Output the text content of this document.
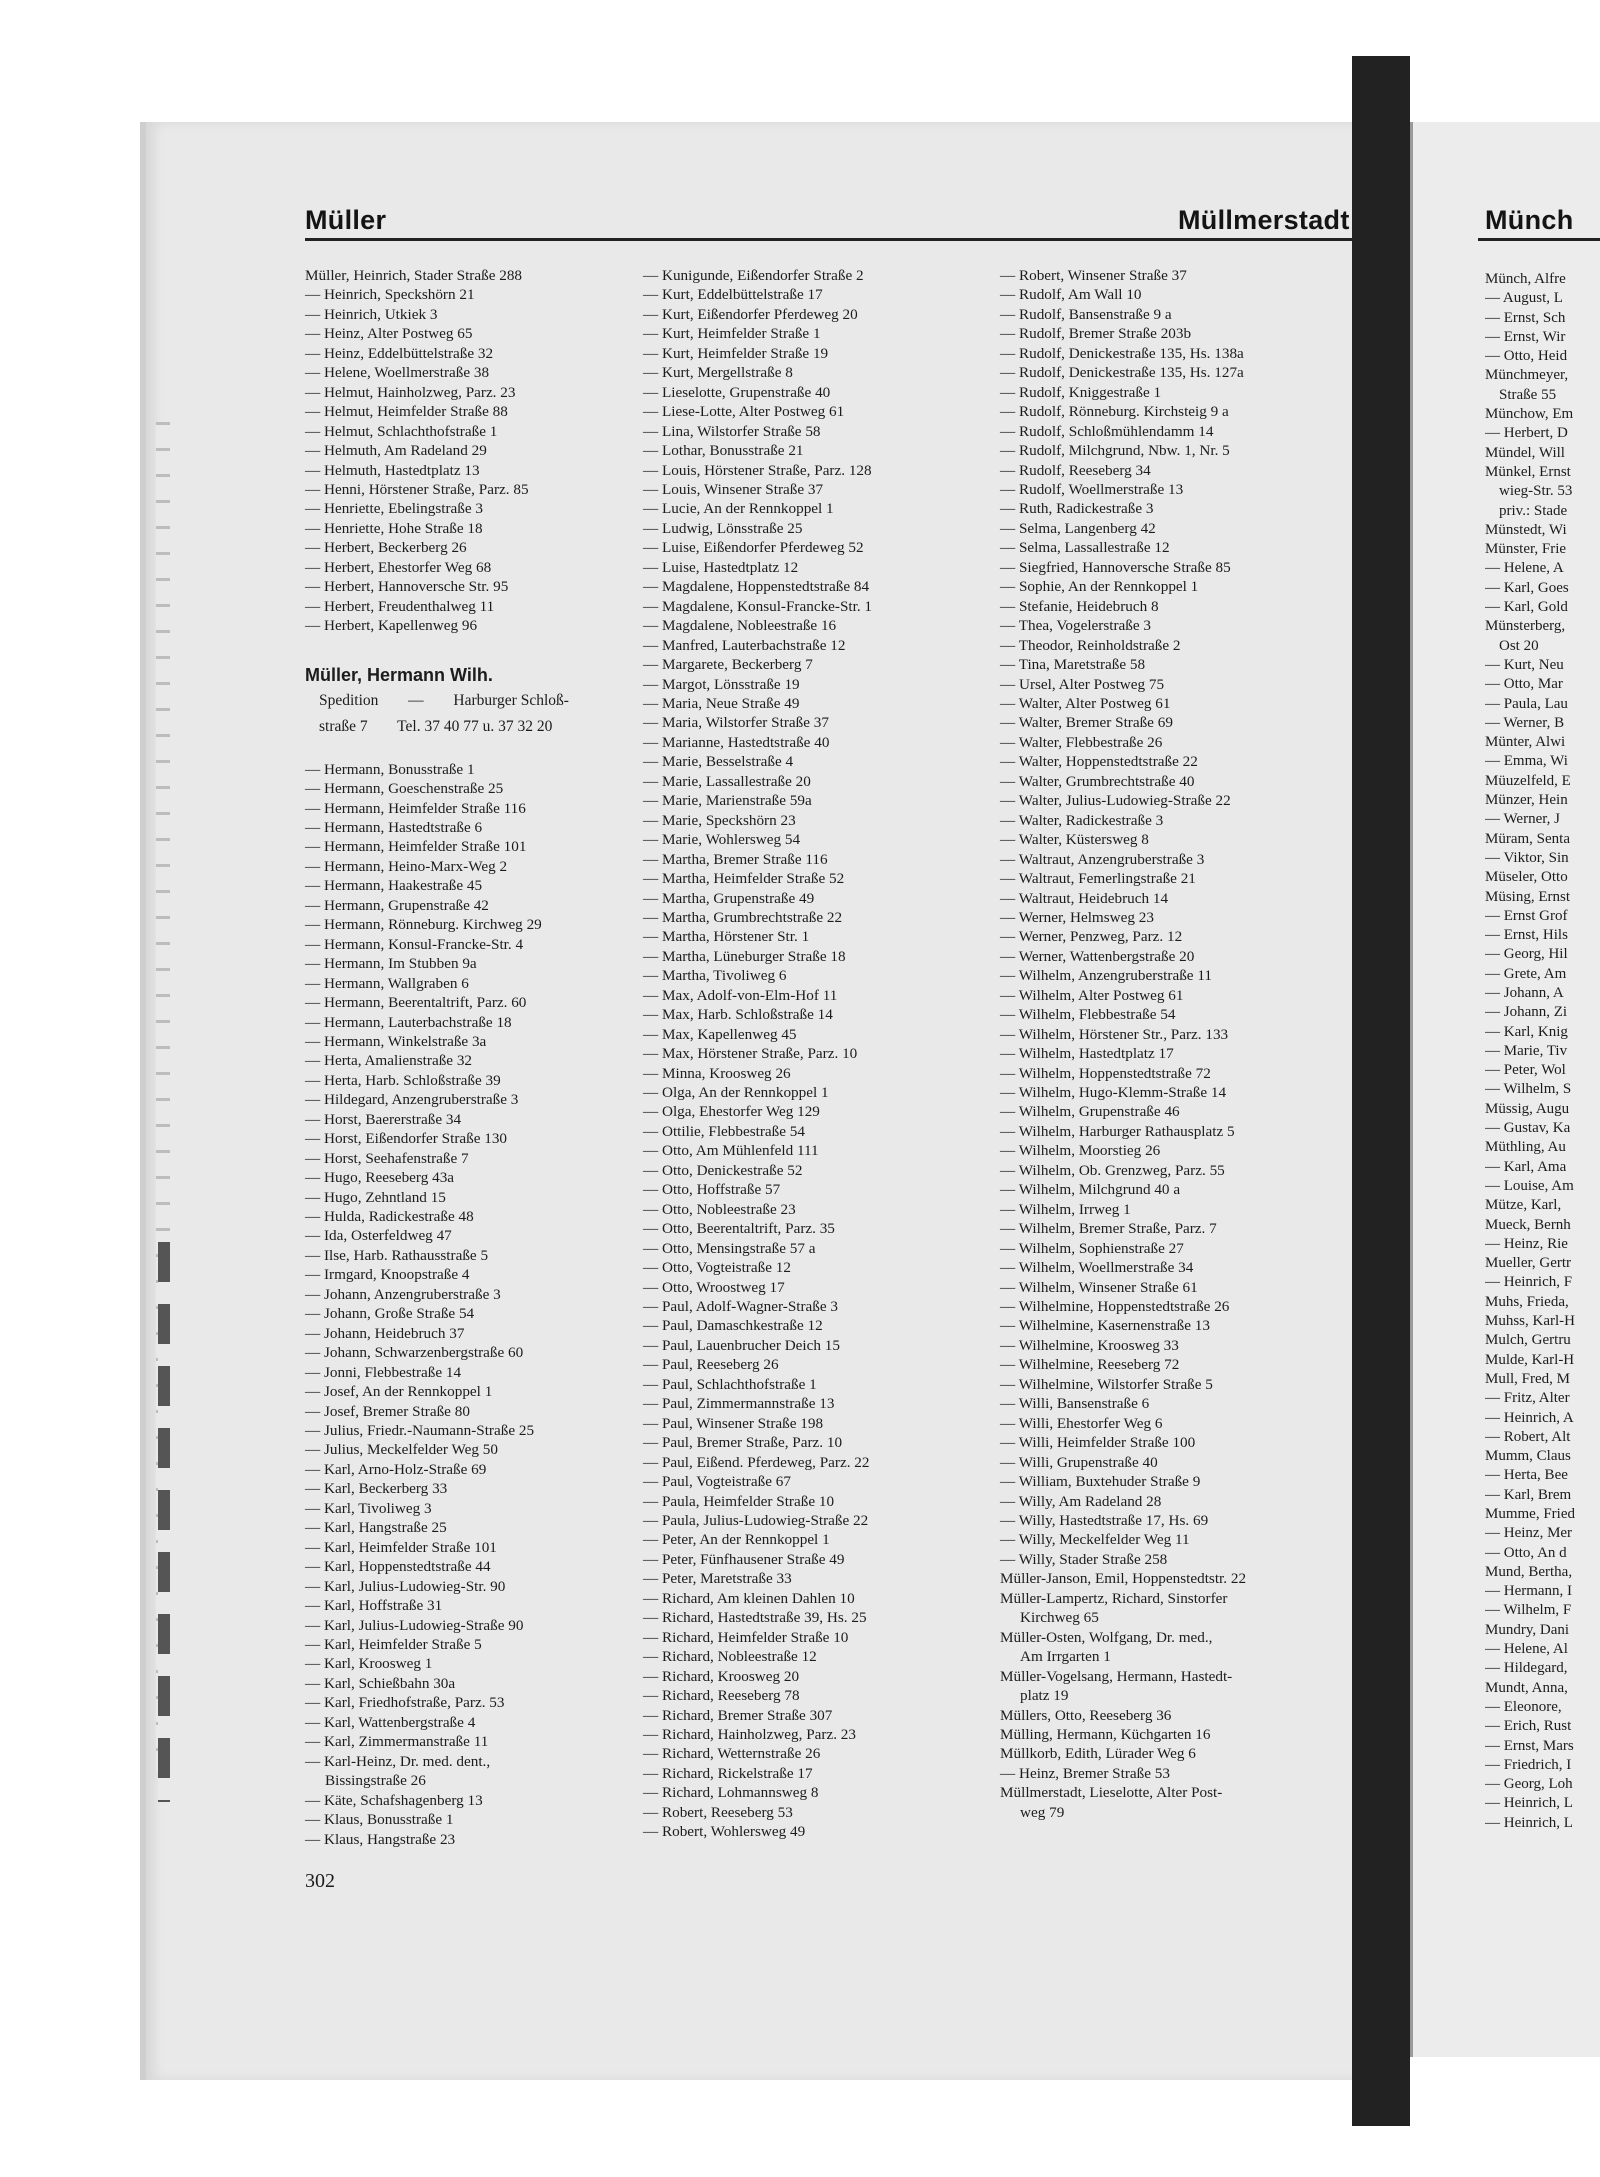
Müller	Müllmerstadt	Münch
Müller, Heinrich, Stader Straße 288
— Heinrich, Speckshörn 21
— Heinrich, Utkiek 3
— Heinz, Alter Postweg 65
— Heinz, Eddelbüttelstraße 32
— Helene, Woellmerstraße 38
— Helmut, Hainholzweg, Parz. 23
— Helmut, Heimfelder Straße 88
— Helmut, Schlachthofstraße 1
— Helmuth, Am Radeland 29
— Helmuth, Hastedtplatz 13
— Henni, Hörstener Straße, Parz. 85
— Henriette, Ebelingstraße 3
— Henriette, Hohe Straße 18
— Herbert, Beckerberg 26
— Herbert, Ehestorfer Weg 68
— Herbert, Hannoversche Str. 95
— Herbert, Freudenthalweg 11
— Herbert, Kapellenweg 96
Müller, Hermann Wilh.
Spedition — Harburger Schloß-
straße 7 Tel. 37 40 77 u. 37 32 20
— Hermann, Bonusstraße 1
— Hermann, Goeschenstraße 25
— Hermann, Heimfelder Straße 116
— Hermann, Hastedtstraße 6
— Hermann, Heimfelder Straße 101
— Hermann, Heino-Marx-Weg 2
— Hermann, Haakestraße 45
— Hermann, Grupenstraße 42
— Hermann, Rönneburg. Kirchweg 29
— Hermann, Konsul-Francke-Str. 4
— Hermann, Im Stubben 9a
— Hermann, Wallgraben 6
— Hermann, Beerentaltrift, Parz. 60
— Hermann, Lauterbachstraße 18
— Hermann, Winkelstraße 3a
— Herta, Amalienstraße 32
— Herta, Harb. Schloßstraße 39
— Hildegard, Anzengruberstraße 3
— Horst, Baererstraße 34
— Horst, Eißendorfer Straße 130
— Horst, Seehafenstraße 7
— Hugo, Reeseberg 43a
— Hugo, Zehntland 15
— Hulda, Radickestraße 48
— Ida, Osterfeldweg 47
— Ilse, Harb. Rathausstraße 5
— Irmgard, Knoopstraße 4
— Johann, Anzengruberstraße 3
— Johann, Große Straße 54
— Johann, Heidebruch 37
— Johann, Schwarzenbergstraße 60
— Jonni, Flebbestraße 14
— Josef, An der Rennkoppel 1
— Josef, Bremer Straße 80
— Julius, Friedr.-Naumann-Straße 25
— Julius, Meckelfelder Weg 50
— Karl, Arno-Holz-Straße 69
— Karl, Beckerberg 33
— Karl, Tivoliweg 3
— Karl, Hangstraße 25
— Karl, Heimfelder Straße 101
— Karl, Hoppenstedtstraße 44
— Karl, Julius-Ludowieg-Str. 90
— Karl, Hoffstraße 31
— Karl, Julius-Ludowieg-Straße 90
— Karl, Heimfelder Straße 5
— Karl, Kroosweg 1
— Karl, Schießbahn 30a
— Karl, Friedhofstraße, Parz. 53
— Karl, Wattenbergstraße 4
— Karl, Zimmermanstraße 11
— Karl-Heinz, Dr. med. dent.,
Bissingstraße 26
— Käte, Schafshagenberg 13
— Klaus, Bonusstraße 1
— Klaus, Hangstraße 23
— Kunigunde, Eißendorfer Straße 2
— Kurt, Eddelbüttelstraße 17
— Kurt, Eißendorfer Pferdeweg 20
— Kurt, Heimfelder Straße 1
— Kurt, Heimfelder Straße 19
— Kurt, Mergellstraße 8
— Lieselotte, Grupenstraße 40
— Liese-Lotte, Alter Postweg 61
— Lina, Wilstorfer Straße 58
— Lothar, Bonusstraße 21
— Louis, Hörstener Straße, Parz. 128
— Louis, Winsener Straße 37
— Lucie, An der Rennkoppel 1
— Ludwig, Lönsstraße 25
— Luise, Eißendorfer Pferdeweg 52
— Luise, Hastedtplatz 12
— Magdalene, Hoppenstedtstraße 84
— Magdalene, Konsul-Francke-Str. 1
— Magdalene, Nobleestraße 16
— Manfred, Lauterbachstraße 12
— Margarete, Beckerberg 7
— Margot, Lönsstraße 19
— Maria, Neue Straße 49
— Maria, Wilstorfer Straße 37
— Marianne, Hastedtstraße 40
— Marie, Besselstraße 4
— Marie, Lassallestraße 20
— Marie, Marienstraße 59a
— Marie, Speckshörn 23
— Marie, Wohlersweg 54
— Martha, Bremer Straße 116
— Martha, Heimfelder Straße 52
— Martha, Grupenstraße 49
— Martha, Grumbrechtstraße 22
— Martha, Hörstener Str. 1
— Martha, Lüneburger Straße 18
— Martha, Tivoliweg 6
— Max, Adolf-von-Elm-Hof 11
— Max, Harb. Schloßstraße 14
— Max, Kapellenweg 45
— Max, Hörstener Straße, Parz. 10
— Minna, Kroosweg 26
— Olga, An der Rennkoppel 1
— Olga, Ehestorfer Weg 129
— Ottilie, Flebbestraße 54
— Otto, Am Mühlenfeld 111
— Otto, Denickestraße 52
— Otto, Hoffstraße 57
— Otto, Nobleestraße 23
— Otto, Beerentaltrift, Parz. 35
— Otto, Mensingstraße 57 a
— Otto, Vogteistraße 12
— Otto, Wroostweg 17
— Paul, Adolf-Wagner-Straße 3
— Paul, Damaschkestraße 12
— Paul, Lauenbrucher Deich 15
— Paul, Reeseberg 26
— Paul, Schlachthofstraße 1
— Paul, Zimmermannstraße 13
— Paul, Winsener Straße 198
— Paul, Bremer Straße, Parz. 10
— Paul, Eißend. Pferdeweg, Parz. 22
— Paul, Vogteistraße 67
— Paula, Heimfelder Straße 10
— Paula, Julius-Ludowieg-Straße 22
— Peter, An der Rennkoppel 1
— Peter, Fünfhausener Straße 49
— Peter, Maretstraße 33
— Richard, Am kleinen Dahlen 10
— Richard, Hastedtstraße 39, Hs. 25
— Richard, Heimfelder Straße 10
— Richard, Nobleestraße 12
— Richard, Kroosweg 20
— Richard, Reeseberg 78
— Richard, Bremer Straße 307
— Richard, Hainholzweg, Parz. 23
— Richard, Wetternstraße 26
— Richard, Rickelstraße 17
— Richard, Lohmannsweg 8
— Robert, Reeseberg 53
— Robert, Wohlersweg 49
— Robert, Winsener Straße 37
— Rudolf, Am Wall 10
— Rudolf, Bansenstraße 9 a
— Rudolf, Bremer Straße 203b
— Rudolf, Denickestraße 135, Hs. 138a
— Rudolf, Denickestraße 135, Hs. 127a
— Rudolf, Kniggestraße 1
— Rudolf, Rönneburg. Kirchsteig 9 a
— Rudolf, Schloßmühlendamm 14
— Rudolf, Milchgrund, Nbw. 1, Nr. 5
— Rudolf, Reeseberg 34
— Rudolf, Woellmerstraße 13
— Ruth, Radickestraße 3
— Selma, Langenberg 42
— Selma, Lassallestraße 12
— Siegfried, Hannoversche Straße 85
— Sophie, An der Rennkoppel 1
— Stefanie, Heidebruch 8
— Thea, Vogelerstraße 3
— Theodor, Reinholdstraße 2
— Tina, Maretstraße 58
— Ursel, Alter Postweg 75
— Walter, Alter Postweg 61
— Walter, Bremer Straße 69
— Walter, Flebbestraße 26
— Walter, Hoppenstedtstraße 22
— Walter, Grumbrechtstraße 40
— Walter, Julius-Ludowieg-Straße 22
— Walter, Radickestraße 3
— Walter, Küstersweg 8
— Waltraut, Anzengruberstraße 3
— Waltraut, Femerlingstraße 21
— Waltraut, Heidebruch 14
— Werner, Helmsweg 23
— Werner, Penzweg, Parz. 12
— Werner, Wattenbergstraße 20
— Wilhelm, Anzengruberstraße 11
— Wilhelm, Alter Postweg 61
— Wilhelm, Flebbestraße 54
— Wilhelm, Hörstener Str., Parz. 133
— Wilhelm, Hastedtplatz 17
— Wilhelm, Hoppenstedtstraße 72
— Wilhelm, Hugo-Klemm-Straße 14
— Wilhelm, Grupenstraße 46
— Wilhelm, Harburger Rathausplatz 5
— Wilhelm, Moorstieg 26
— Wilhelm, Ob. Grenzweg, Parz. 55
— Wilhelm, Milchgrund 40 a
— Wilhelm, Irrweg 1
— Wilhelm, Bremer Straße, Parz. 7
— Wilhelm, Sophienstraße 27
— Wilhelm, Woellmerstraße 34
— Wilhelm, Winsener Straße 61
— Wilhelmine, Hoppenstedtstraße 26
— Wilhelmine, Kasernenstraße 13
— Wilhelmine, Kroosweg 33
— Wilhelmine, Reeseberg 72
— Wilhelmine, Wilstorfer Straße 5
— Willi, Bansenstraße 6
— Willi, Ehestorfer Weg 6
— Willi, Heimfelder Straße 100
— Willi, Grupenstraße 40
— William, Buxtehuder Straße 9
— Willy, Am Radeland 28
— Willy, Hastedtstraße 17, Hs. 69
— Willy, Meckelfelder Weg 11
— Willy, Stader Straße 258
Müller-Janson, Emil, Hoppenstedtstr. 22
Müller-Lampertz, Richard, Sinstorfer
Kirchweg 65
Müller-Osten, Wolfgang, Dr. med.,
Am Irrgarten 1
Müller-Vogelsang, Hermann, Hastedt-
platz 19
Müllers, Otto, Reeseberg 36
Mülling, Hermann, Küchgarten 16
Müllkorb, Edith, Lürader Weg 6
— Heinz, Bremer Straße 53
Müllmerstadt, Lieselotte, Alter Post-
weg 79
Münch, Alfre
— August, L
— Ernst, Sch
— Ernst, Wir
— Otto, Heid
Münchmeyer,
Straße 55
Münchow, Em
— Herbert, D
Mündel, Will
Münkel, Ernst
wieg-Str. 53
priv.: Stade
Münstedt, Wi
Münster, Frie
— Helene, A
— Karl, Goes
— Karl, Gold
Münsterberg,
Ost 20
— Kurt, Neu
— Otto, Mar
— Paula, Lau
— Werner, B
Münter, Alwi
— Emma, Wi
Müuzelfeld, E
Münzer, Hein
— Werner, J
Müram, Senta
— Viktor, Sin
Müseler, Otto
Müsing, Ernst
— Ernst Grof
— Ernst, Hils
— Georg, Hil
— Grete, Am
— Johann, A
— Johann, Zi
— Karl, Knig
— Marie, Tiv
— Peter, Wol
— Wilhelm, S
Müssig, Augu
— Gustav, Ka
Müthling, Au
— Karl, Ama
— Louise, Am
Mütze, Karl,
Mueck, Bernh
— Heinz, Rie
Mueller, Gertr
— Heinrich, F
Muhs, Frieda,
Muhss, Karl-H
Mulch, Gertru
Mulde, Karl-H
Mull, Fred, M
— Fritz, Alter
— Heinrich, A
— Robert, Alt
Mumm, Claus
— Herta, Bee
— Karl, Brem
Mumme, Fried
— Heinz, Mer
— Otto, An d
Mund, Bertha,
— Hermann, I
— Wilhelm, F
Mundry, Dani
— Helene, Al
— Hildegard,
Mundt, Anna,
— Eleonore,
— Erich, Rust
— Ernst, Mars
— Friedrich, I
— Georg, Loh
— Heinrich, L
— Heinrich, L
302
